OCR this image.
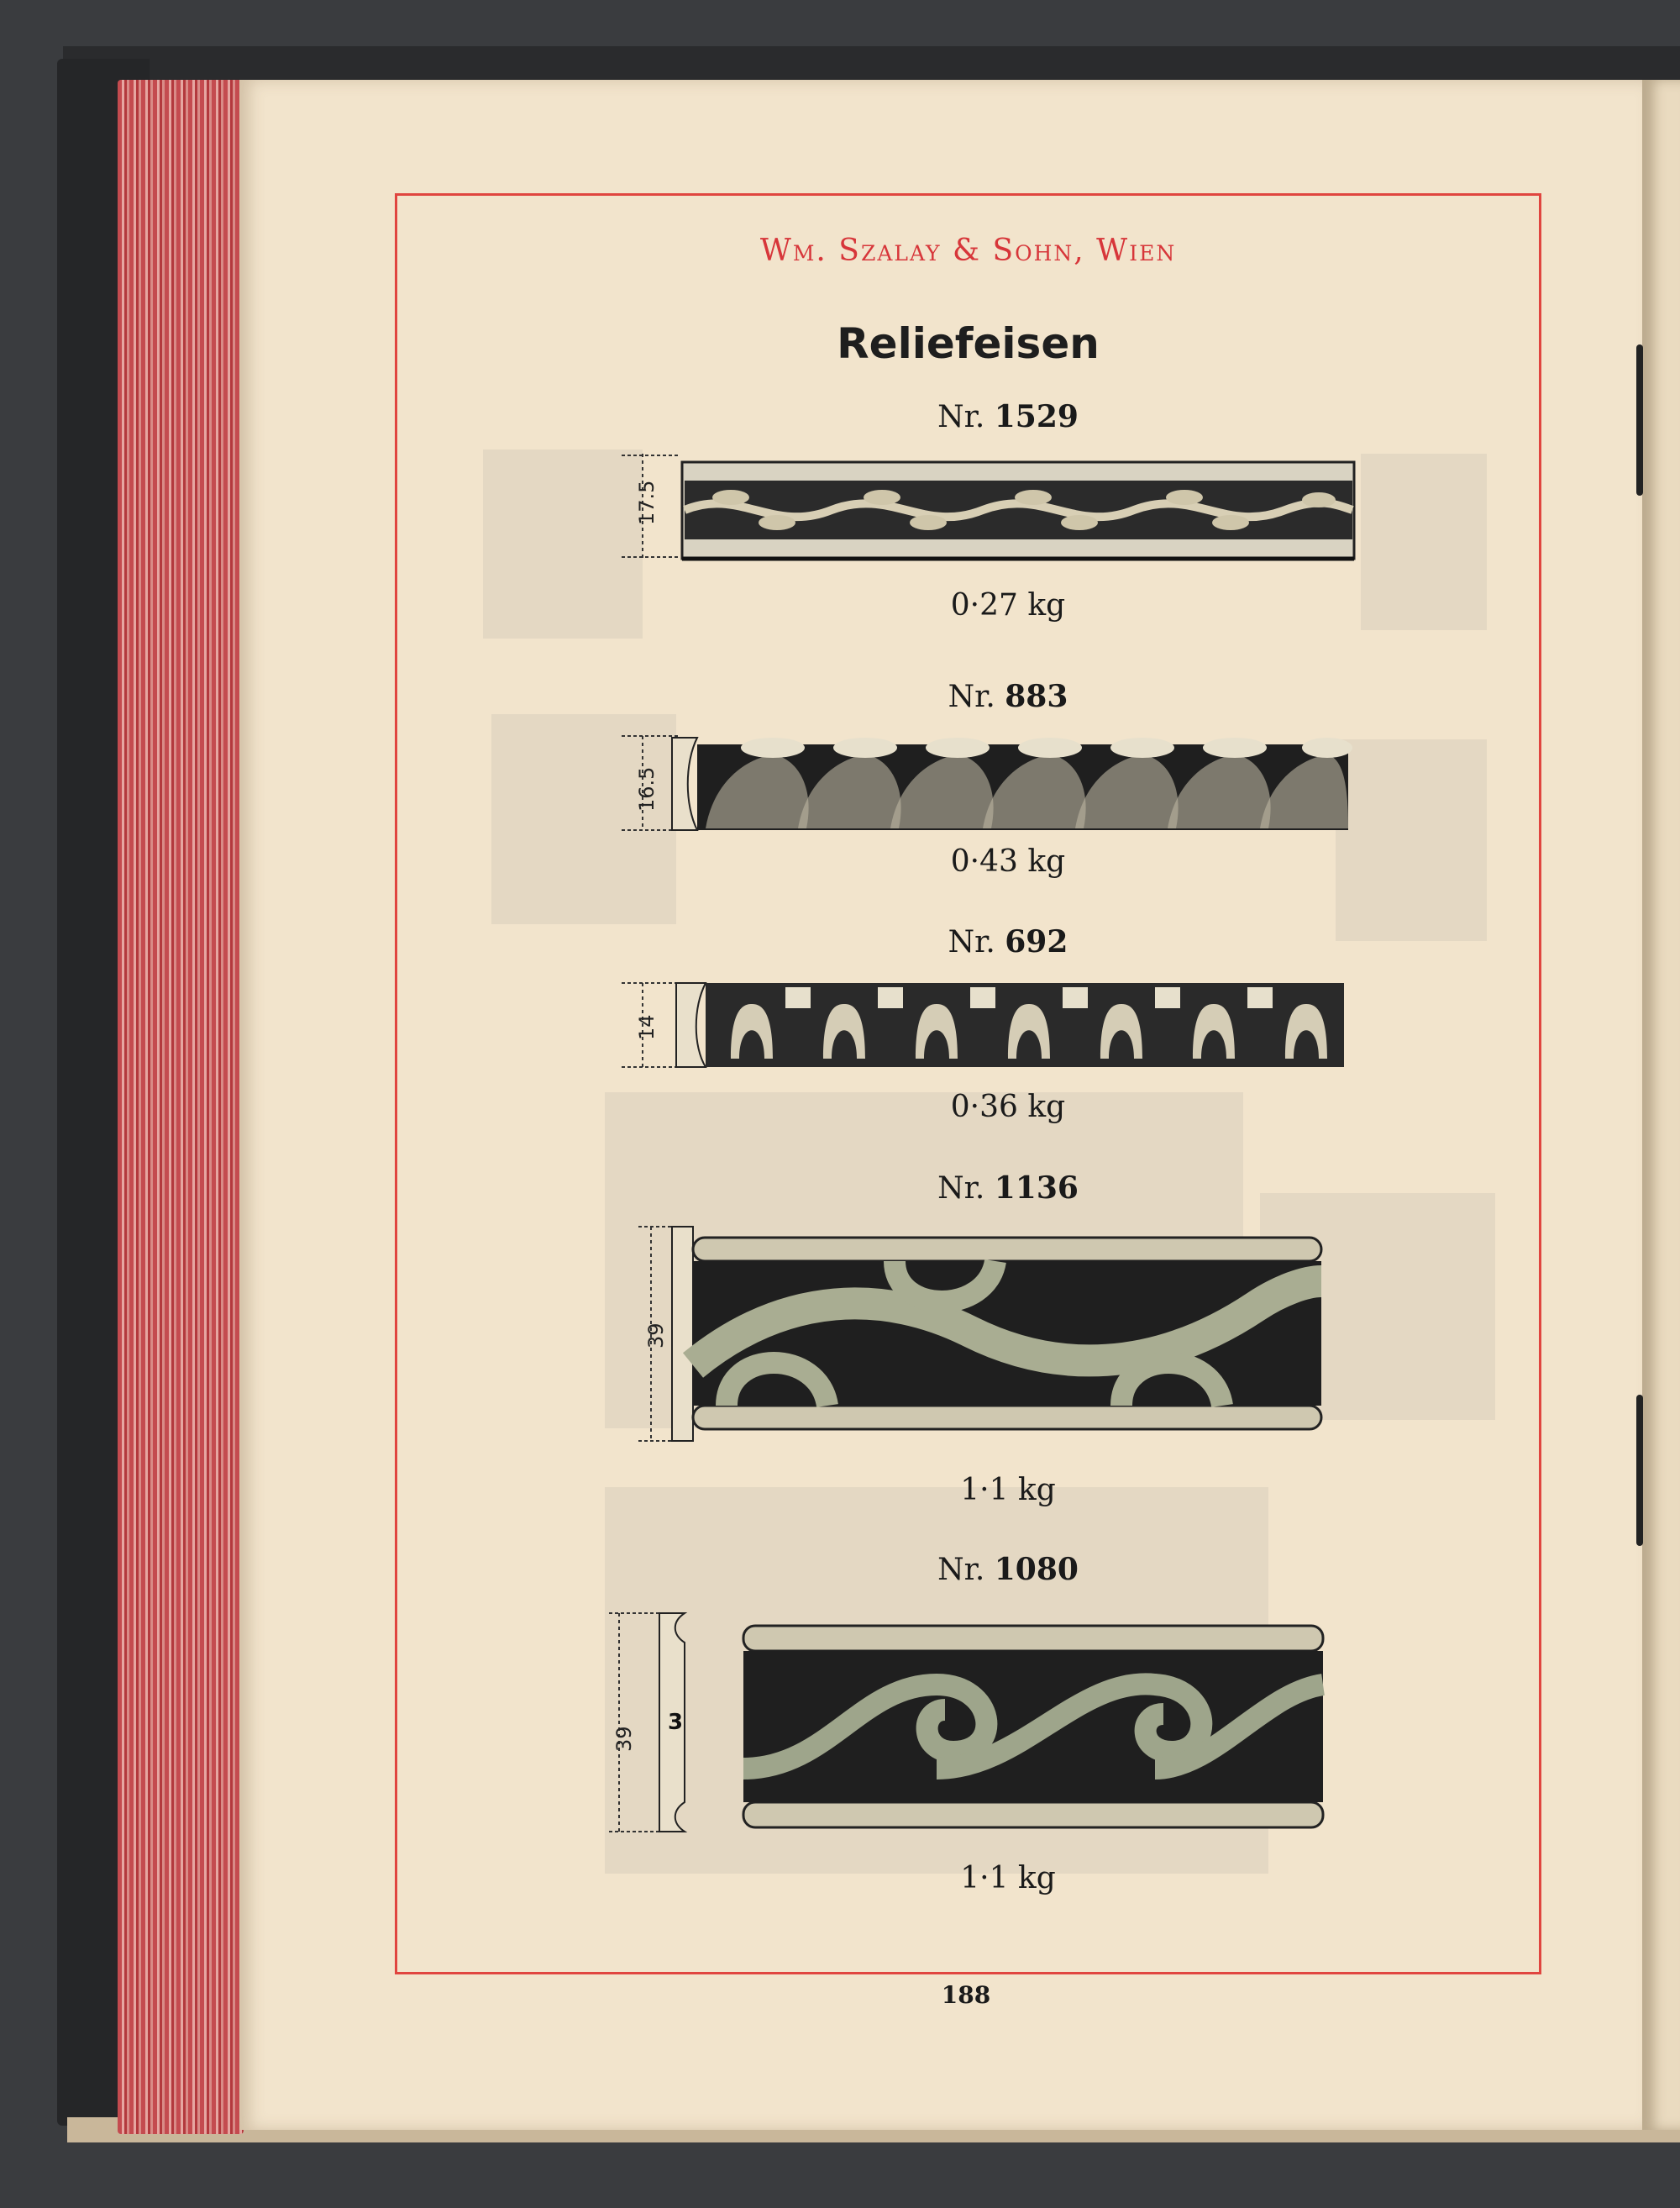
Wm. Szalay & Sohn, Wien
Reliefeisen
Nr. 1529
17.5
0·27 kg
Nr. 883
16.5
0·43 kg
Nr. 692
14
0·36 kg
Nr. 1136
39
1·1 kg
Nr. 1080
39
3
1·1 kg
188
